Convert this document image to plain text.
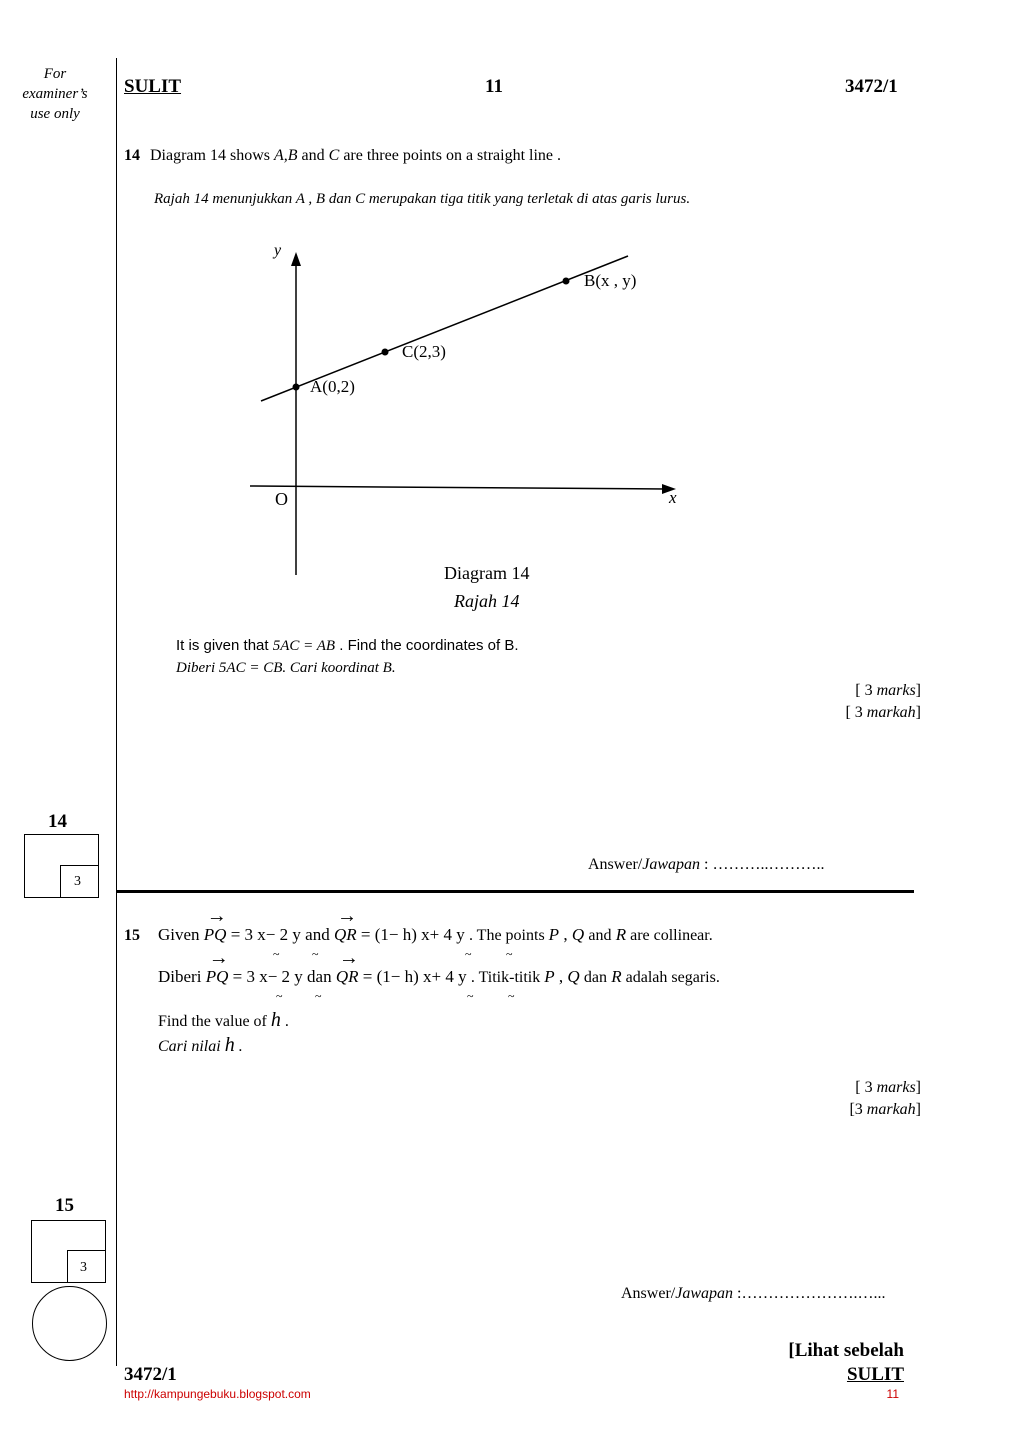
For
examiner’s
use only
SULIT	11	3472/1
14 Diagram 14 shows A,B and C are three points on a straight line .
Rajah 14 menunjukkan A , B dan C merupakan tiga titik yang terletak di atas garis lurus.
y
x
O
A(0,2)
C(2,3)
B(x , y)
Diagram 14
Rajah 14
It is given that 5AC = AB . Find the coordinates of B.
Diberi 5AC = CB. Cari koordinat B.
[ 3 marks]
[ 3 markah]
Answer/Jawapan : ………..………..
14
3
15 Given
→
PQ = 3 x− 2 y and
→
QR = (1− h) x+ 4 y . The points P , Q and R are collinear.
Diberi
→
PQ = 3 x− 2 y dan
→
QR = (1− h) x+ 4 y . Titik-titik P , Q dan R adalah segaris.
~	~	~	~
~	~	~	~
Find the value of h .
Cari nilai h .
[ 3 marks]
[3 markah]
Answer/Jawapan :………………….…...
15
3
[Lihat sebelah
3472/1	SULIT
http://kampungebuku.blogspot.com	11
